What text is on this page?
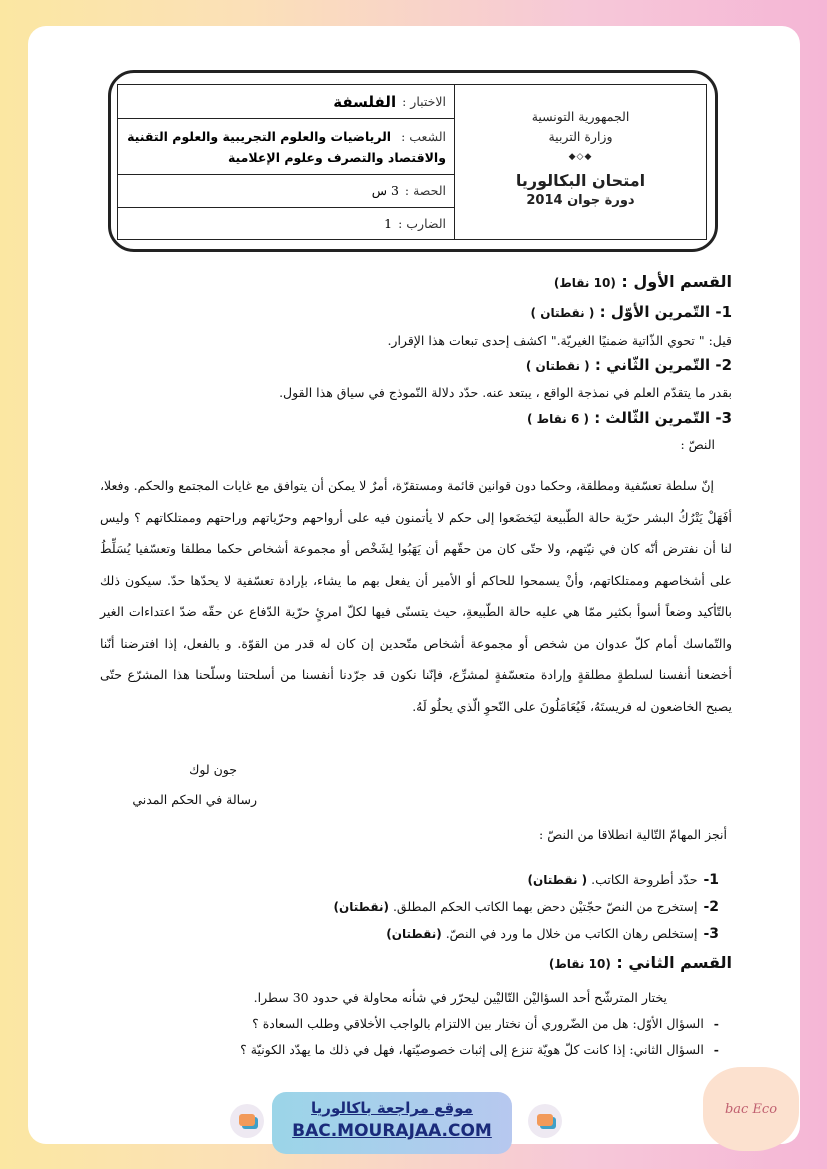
الاختبار :
الفلسفة
الشعب : الرياضيات والعلوم التجريبية والعلوم التقنية
والاقتصاد والتصرف وعلوم الإعلامية
الحصة :
3 س
الضارب :
1
الجمهورية التونسية
وزارة التربية
◆◇◆
امتحان البكالوريا
دورة جوان 2014
القسم الأول : (10 نقاط)
1- التّمرين الأوّل : ( نقطتان )
قيل: " تحوي الذّاتية ضمنيًا الغيريّة." اكشف إحدى تبعات هذا الإقرار.
2- التّمرين الثّاني : ( نقطتان )
بقدر ما يتقدّم العلم في نمذجة الواقع ، يبتعد عنه. حدّد دلالة النّموذج في سياق هذا القول.
3- التّمرين الثّالث : ( 6 نقاط )
النصّ :

إنّ سلطة تعسّفية ومطلقة، وحكما دون قوانين قائمة ومستقرّة، أمرٌ لا يمكن أن يتوافق مع غايات المجتمع والحكم. وفعلا، أفَهَلْ يَتْرُكُ البشر حرّية حالة الطّبيعة ليَخضَعوا إلى حكم لا يأتمنون فيه على أرواحهم وحرّياتهم وراحتهم وممتلكاتهم ؟ وليس لنا أن نفترض أنّه كان في نيّتهم، ولا حتّى كان من حقّهم أن يَهَبُوا لِشَخْص أو مجموعة أشخاص حكما مطلقا وتعسّفيا يُسَلِّطُ على أشخاصهم وممتلكاتهم، وأنْ يسمحوا للحاكم أو الأمير أن يفعل بهم ما يشاء، بإرادة تعسّفية لا يحدّها حدّ. سيكون ذلك بالتّأكيد وضعاً أسوأ بكثير ممّا هي عليه حالة الطّبيعةِ، حيث يتسنّى فيها لكلّ امرئٍ حرّية الدّفاع عن حقّه ضدّ اعتداءات الغير والتّماسك أمام كلّ عدوان من شخص أو مجموعة أشخاص متّحدين إن كان له قدر من القوّة. و بالفعل، إذا افترضنا أنّنا أخضعنا أنفسنا لسلطةٍ مطلقةٍ وإرادة متعسّفةٍ لمشرِّع، فإنّنا نكون قد جرّدنا أنفسنا من أسلحتنا وسلّحنا هذا المشرّع حتّى يصبح الخاضعون له فريستَهُ، فَيُعَامَلُونَ على النّحوِ الّذي يحلُو لَهُ.

جون لوك
رسالة في الحكم المدني
أنجز المهامّ التّالية انطلاقا من النصّ :
1-حدّد أطروحة الكاتب. ( نقطتان)
2-إستخرج من النصّ حجّتيْن دحض بهما الكاتب الحكم المطلق. (نقطتان)
3-إستخلص رهان الكاتب من خلال ما ورد في النصّ. (نقطتان)
القسم الثاني : (10 نقاط)
يختار المترشّح أحد السؤاليْن التّاليْين ليحرّر في شأنه محاولة في حدود 30 سطرا.
-السؤال الأوّل: هل من الضّروري أن نختار بين الالتزام بالواجب الأخلاقي وطلب السعادة ؟
-السؤال الثاني: إذا كانت كلّ هويّة تنزع إلى إثبات خصوصيّتها، فهل في ذلك ما يهدّد الكونيّة ؟
موقع مراجعة باكالوريا
BAC.MOURAJAA.COM
bac Eco
